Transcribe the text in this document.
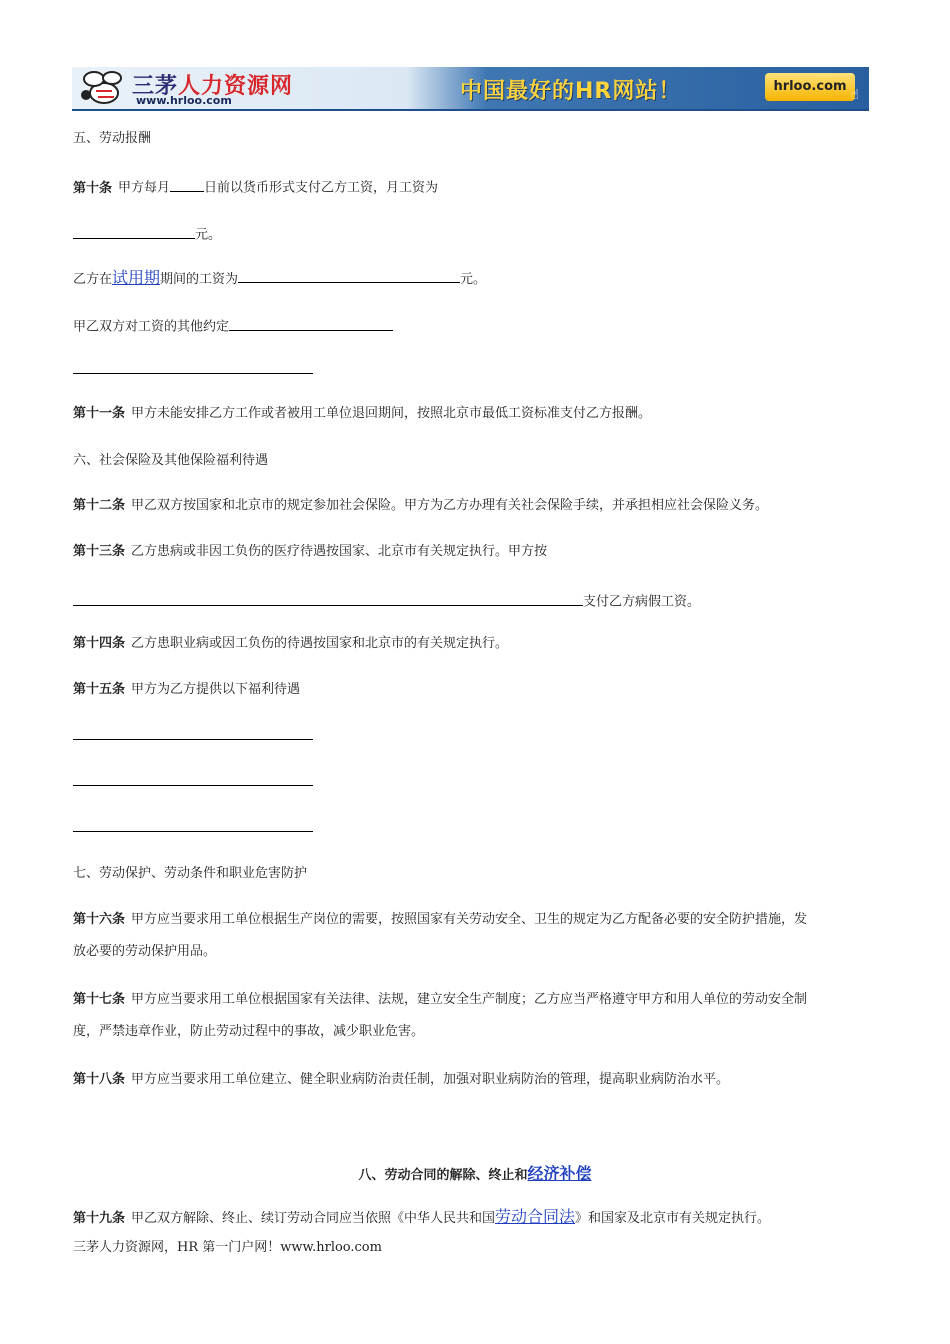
三茅人力资源网
www.hrloo.com	中国最好的HR网站！	hrloo.com
☝
五、劳动报酬
第十条 甲方每月	日前以货币形式支付乙方工资，月工资为
元。
乙方在试用期期间的工资为	元。
甲乙双方对工资的其他约定
第十一条 甲方未能安排乙方工作或者被用工单位退回期间，按照北京市最低工资标准支付乙方报酬。
六、社会保险及其他保险福利待遇
第十二条 甲乙双方按国家和北京市的规定参加社会保险。甲方为乙方办理有关社会保险手续，并承担相应社会保险义务。
第十三条 乙方患病或非因工负伤的医疗待遇按国家、北京市有关规定执行。甲方按
支付乙方病假工资。
第十四条 乙方患职业病或因工负伤的待遇按国家和北京市的有关规定执行。
第十五条 甲方为乙方提供以下福利待遇
七、劳动保护、劳动条件和职业危害防护
第十六条 甲方应当要求用工单位根据生产岗位的需要，按照国家有关劳动安全、卫生的规定为乙方配备必要的安全防护措施，发
放必要的劳动保护用品。
第十七条 甲方应当要求用工单位根据国家有关法律、法规，建立安全生产制度；乙方应当严格遵守甲方和用人单位的劳动安全制
度，严禁违章作业，防止劳动过程中的事故，减少职业危害。
第十八条 甲方应当要求用工单位建立、健全职业病防治责任制，加强对职业病防治的管理，提高职业病防治水平。
八、劳动合同的解除、终止和经济补偿
第十九条 甲乙双方解除、终止、续订劳动合同应当依照《中华人民共和国劳动合同法》和国家及北京市有关规定执行。
三茅人力资源网，HR 第一门户网！www.hrloo.com
